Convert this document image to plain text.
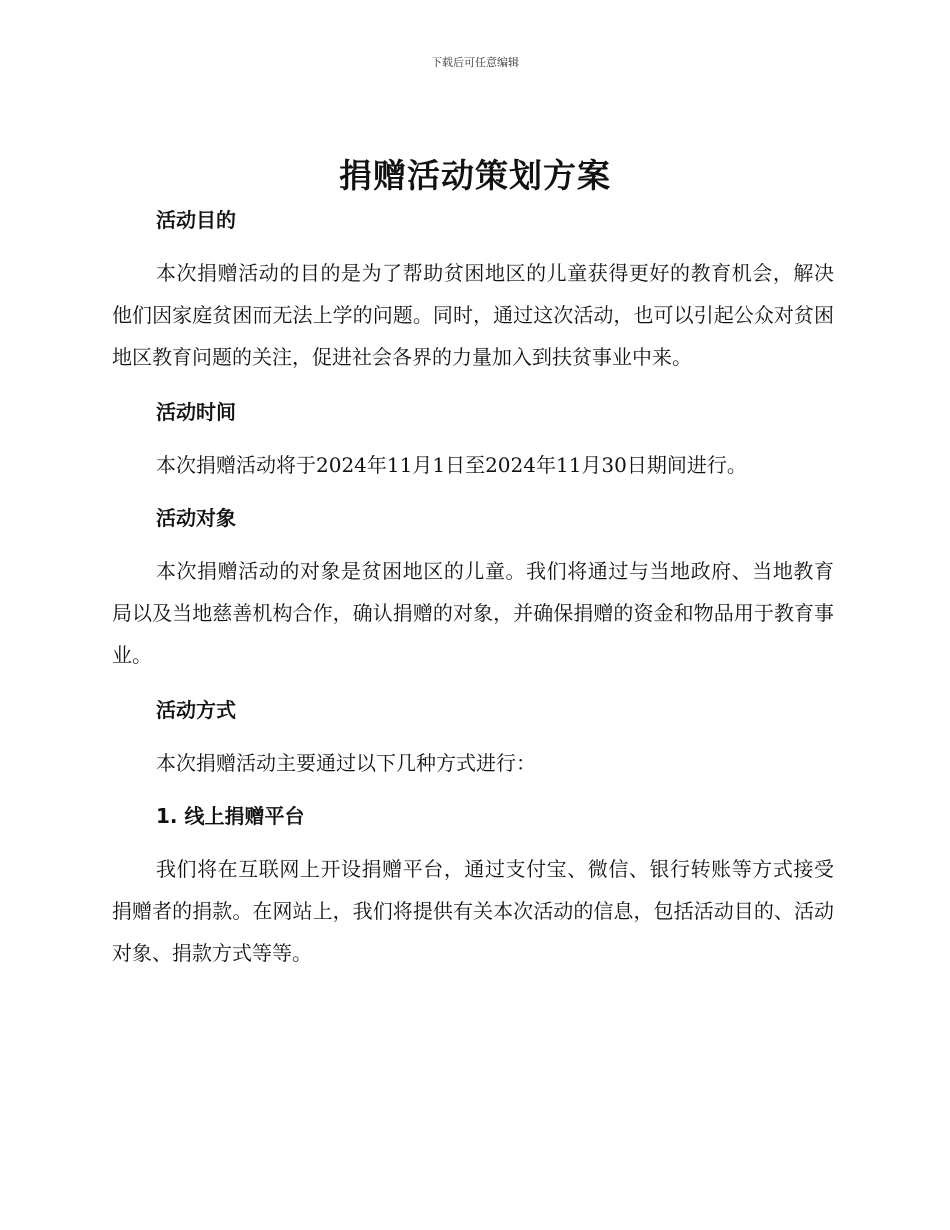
下载后可任意编辑
捐赠活动策划方案

活动目的

本次捐赠活动的目的是为了帮助贫困地区的儿童获得更好的教育机会，解决他们因家庭贫困而无法上学的问题。同时，通过这次活动，也可以引起公众对贫困地区教育问题的关注，促进社会各界的力量加入到扶贫事业中来。

活动时间

本次捐赠活动将于2024年11月1日至2024年11月30日期间进行。

活动对象

本次捐赠活动的对象是贫困地区的儿童。我们将通过与当地政府、当地教育局以及当地慈善机构合作，确认捐赠的对象，并确保捐赠的资金和物品用于教育事业。

活动方式

本次捐赠活动主要通过以下几种方式进行：

1. 线上捐赠平台

我们将在互联网上开设捐赠平台，通过支付宝、微信、银行转账等方式接受捐赠者的捐款。在网站上，我们将提供有关本次活动的信息，包括活动目的、活动对象、捐款方式等等。
